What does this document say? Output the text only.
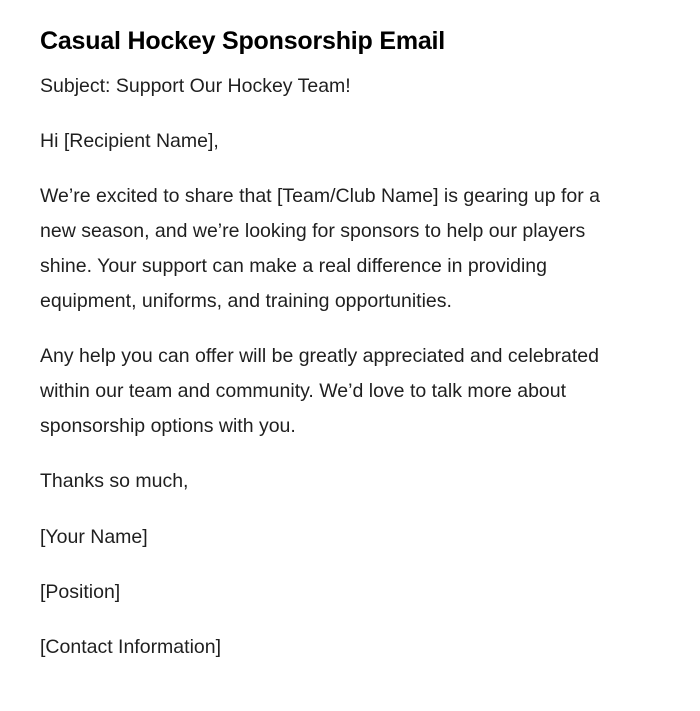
Casual Hockey Sponsorship Email

Subject: Support Our Hockey Team!

Hi [Recipient Name],

We’re excited to share that [Team/Club Name] is gearing up for a new season, and we’re looking for sponsors to help our players shine. Your support can make a real difference in providing equipment, uniforms, and training opportunities.

Any help you can offer will be greatly appreciated and celebrated within our team and community. We’d love to talk more about sponsorship options with you.

Thanks so much,

[Your Name]

[Position]

[Contact Information]
